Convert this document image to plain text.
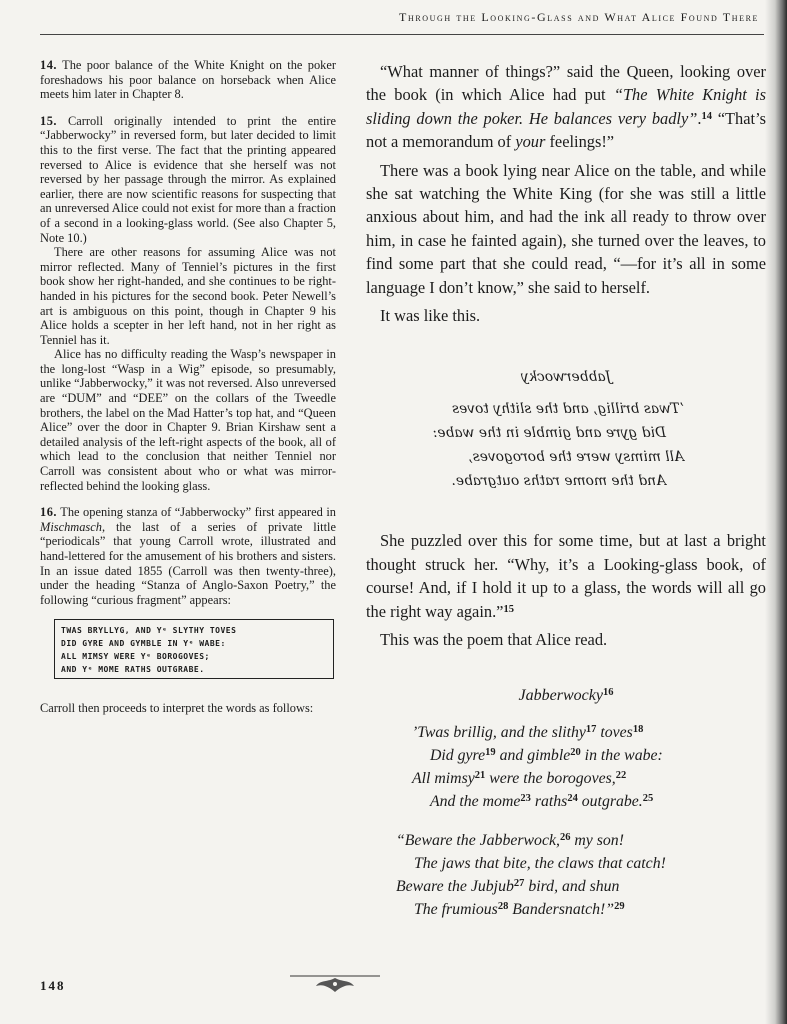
Through the Looking-Glass and What Alice Found There

14. The poor balance of the White Knight on the poker foreshadows his poor balance on horseback when Alice meets him later in Chapter 8.

15. Carroll originally intended to print the entire “Jabberwocky” in reversed form, but later decided to limit this to the first verse. The fact that the printing appeared reversed to Alice is evidence that she herself was not reversed by her passage through the mirror. As explained earlier, there are now scientific reasons for suspecting that an unreversed Alice could not exist for more than a fraction of a second in a looking-glass world. (See also Chapter 5, Note 10.)

There are other reasons for assuming Alice was not mirror reflected. Many of Tenniel’s pictures in the first book show her right-handed, and she continues to be right-handed in his pictures for the second book. Peter Newell’s art is ambiguous on this point, though in Chapter 9 his Alice holds a scepter in her left hand, not in her right as Tenniel has it.

Alice has no difficulty reading the Wasp’s newspaper in the long-lost “Wasp in a Wig” episode, so presumably, unlike “Jabberwocky,” it was not reversed. Also unreversed are “DUM” and “DEE” on the collars of the Tweedle brothers, the label on the Mad Hatter’s top hat, and “Queen Alice” over the door in Chapter 9. Brian Kirshaw sent a detailed analysis of the left-right aspects of the book, all of which lead to the conclusion that neither Tenniel nor Carroll was consistent about who or what was mirror-reflected behind the looking glass.

16. The opening stanza of “Jabberwocky” first appeared in Mischmasch, the last of a series of private little “periodicals” that young Carroll wrote, illustrated and hand-lettered for the amusement of his brothers and sisters. In an issue dated 1855 (Carroll was then twenty-three), under the heading “Stanza of Anglo-Saxon Poetry,” the following “curious fragment” appears:

TWAS BRYLLYG, AND Yᵉ SLYTHY TOVES
DID GYRE AND GYMBLE IN Yᵉ WABE:
ALL MIMSY WERE Yᵉ BOROGOVES;
AND Yᵉ MOME RATHS OUTGRABE.

Carroll then proceeds to interpret the words as follows:

“What manner of things?” said the Queen, looking over the book (in which Alice had put “The White Knight is sliding down the poker. He balances very badly”.$^{14}$ “That’s not a memorandum of your feelings!”

There was a book lying near Alice on the table, and while she sat watching the White King (for she was still a little anxious about him, and had the ink all ready to throw over him, in case he fainted again), she turned over the leaves, to find some part that she could read, “—for it’s all in some language I don’t know,” she said to herself.

It was like this.

Jabberwocky
’Twas brillig, and the slithy toves
Did gyre and gimble in the wabe:
All mimsy were the borogoves,
And the mome raths outgrabe.

She puzzled over this for some time, but at last a bright thought struck her. “Why, it’s a Looking-glass book, of course! And, if I hold it up to a glass, the words will all go the right way again.”$^{15}$

This was the poem that Alice read.

Jabberwocky$^{16}$
’Twas brillig, and the slithy$^{17}$ toves$^{18}$
Did gyre$^{19}$ and gimble$^{20}$ in the wabe:
All mimsy$^{21}$ were the borogoves,$^{22}$
And the mome$^{23}$ raths$^{24}$ outgrabe.$^{25}$
“Beware the Jabberwock,$^{26}$ my son!
The jaws that bite, the claws that catch!
Beware the Jubjub$^{27}$ bird, and shun
The frumious$^{28}$ Bandersnatch!”$^{29}$
148
